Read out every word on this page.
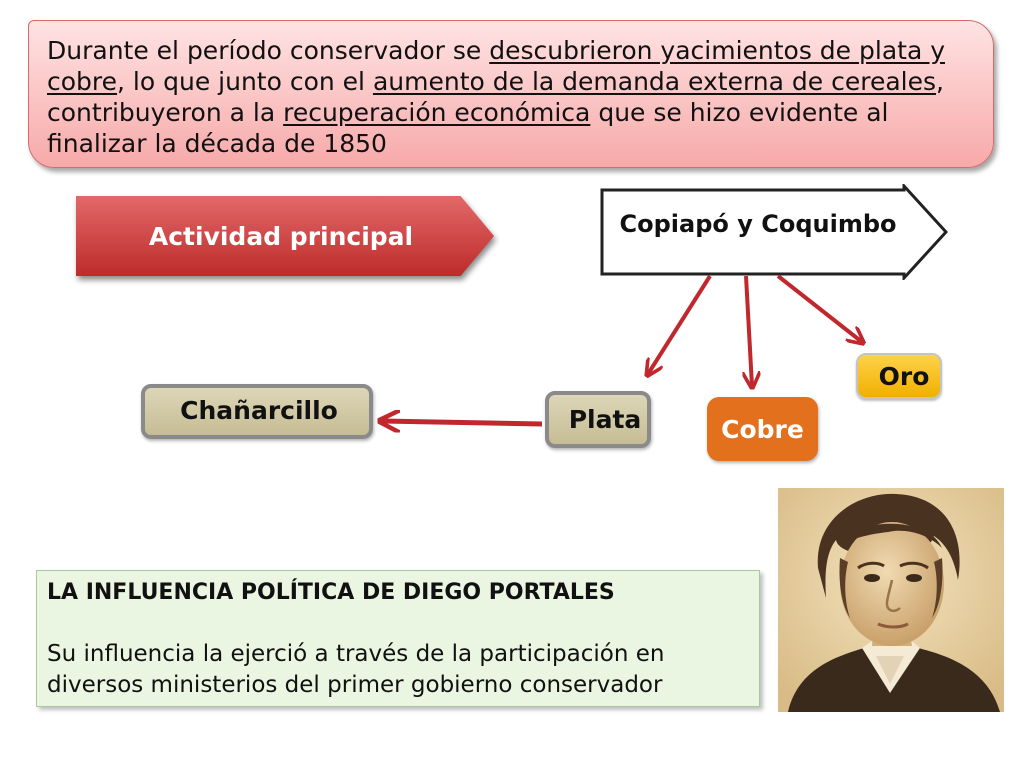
Durante el período conservador se descubrieron yacimientos de plata y cobre, lo que junto con el aumento de la demanda externa de cereales, contribuyeron a la recuperación económica que se hizo evidente al finalizar la década de 1850
Actividad principal	Copiapó y Coquimbo
Chañarcillo	Plata	Cobre
Oro
LA INFLUENCIA POLÍTICA DE DIEGO PORTALES
Su influencia la ejerció a través de la participación en diversos ministerios del primer gobierno conservador
